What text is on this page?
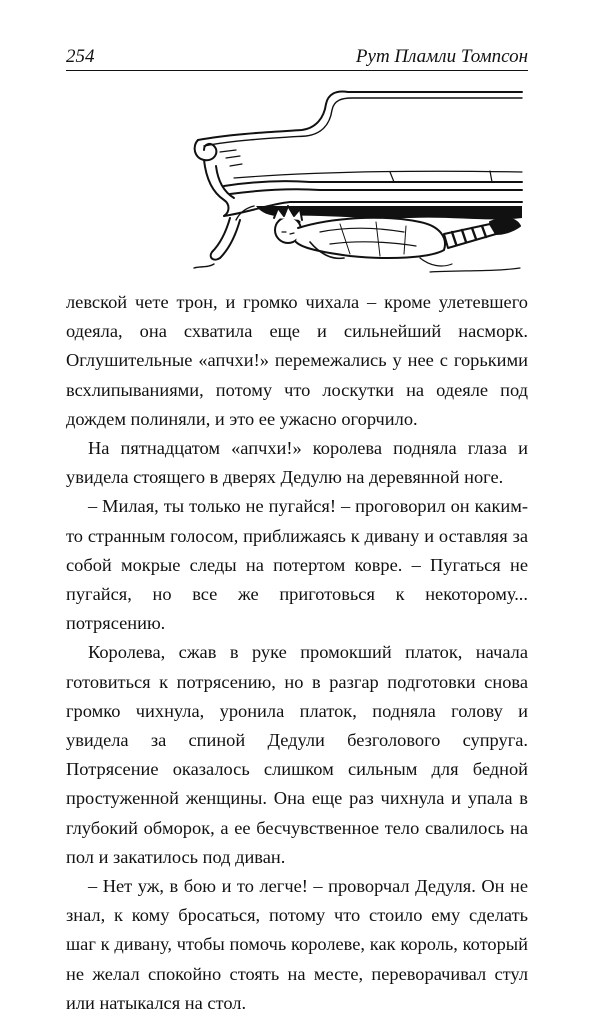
254	Рут Пламли Томпсон

левской чете трон, и громко чихала – кроме улетевшего одеяла, она схватила еще и сильнейший насморк. Оглушительные «апчхи!» перемежались у нее с горькими всхлипываниями, потому что лоскутки на одеяле под дождем полиняли, и это ее ужасно огорчило.

На пятнадцатом «апчхи!» королева подняла глаза и увидела стоящего в дверях Дедулю на деревянной ноге.

– Милая, ты только не пугайся! – проговорил он каким-то странным голосом, приближаясь к дивану и оставляя за собой мокрые следы на потертом ковре. – Пугаться не пугайся, но все же приготовься к некоторому... потрясению.

Королева, сжав в руке промокший платок, начала готовиться к потрясению, но в разгар подготовки снова громко чихнула, уронила платок, подняла голову и увидела за спиной Дедули безголового супруга. Потрясение оказалось слишком сильным для бедной простуженной женщины. Она еще раз чихнула и упала в глубокий обморок, а ее бесчувственное тело свалилось на пол и закатилось под диван.

– Нет уж, в бою и то легче! – проворчал Дедуля. Он не знал, к кому бросаться, потому что стоило ему сделать шаг к дивану, чтобы помочь королеве, как король, который не желал спокойно стоять на месте, переворачивал стул или натыкался на стол.
